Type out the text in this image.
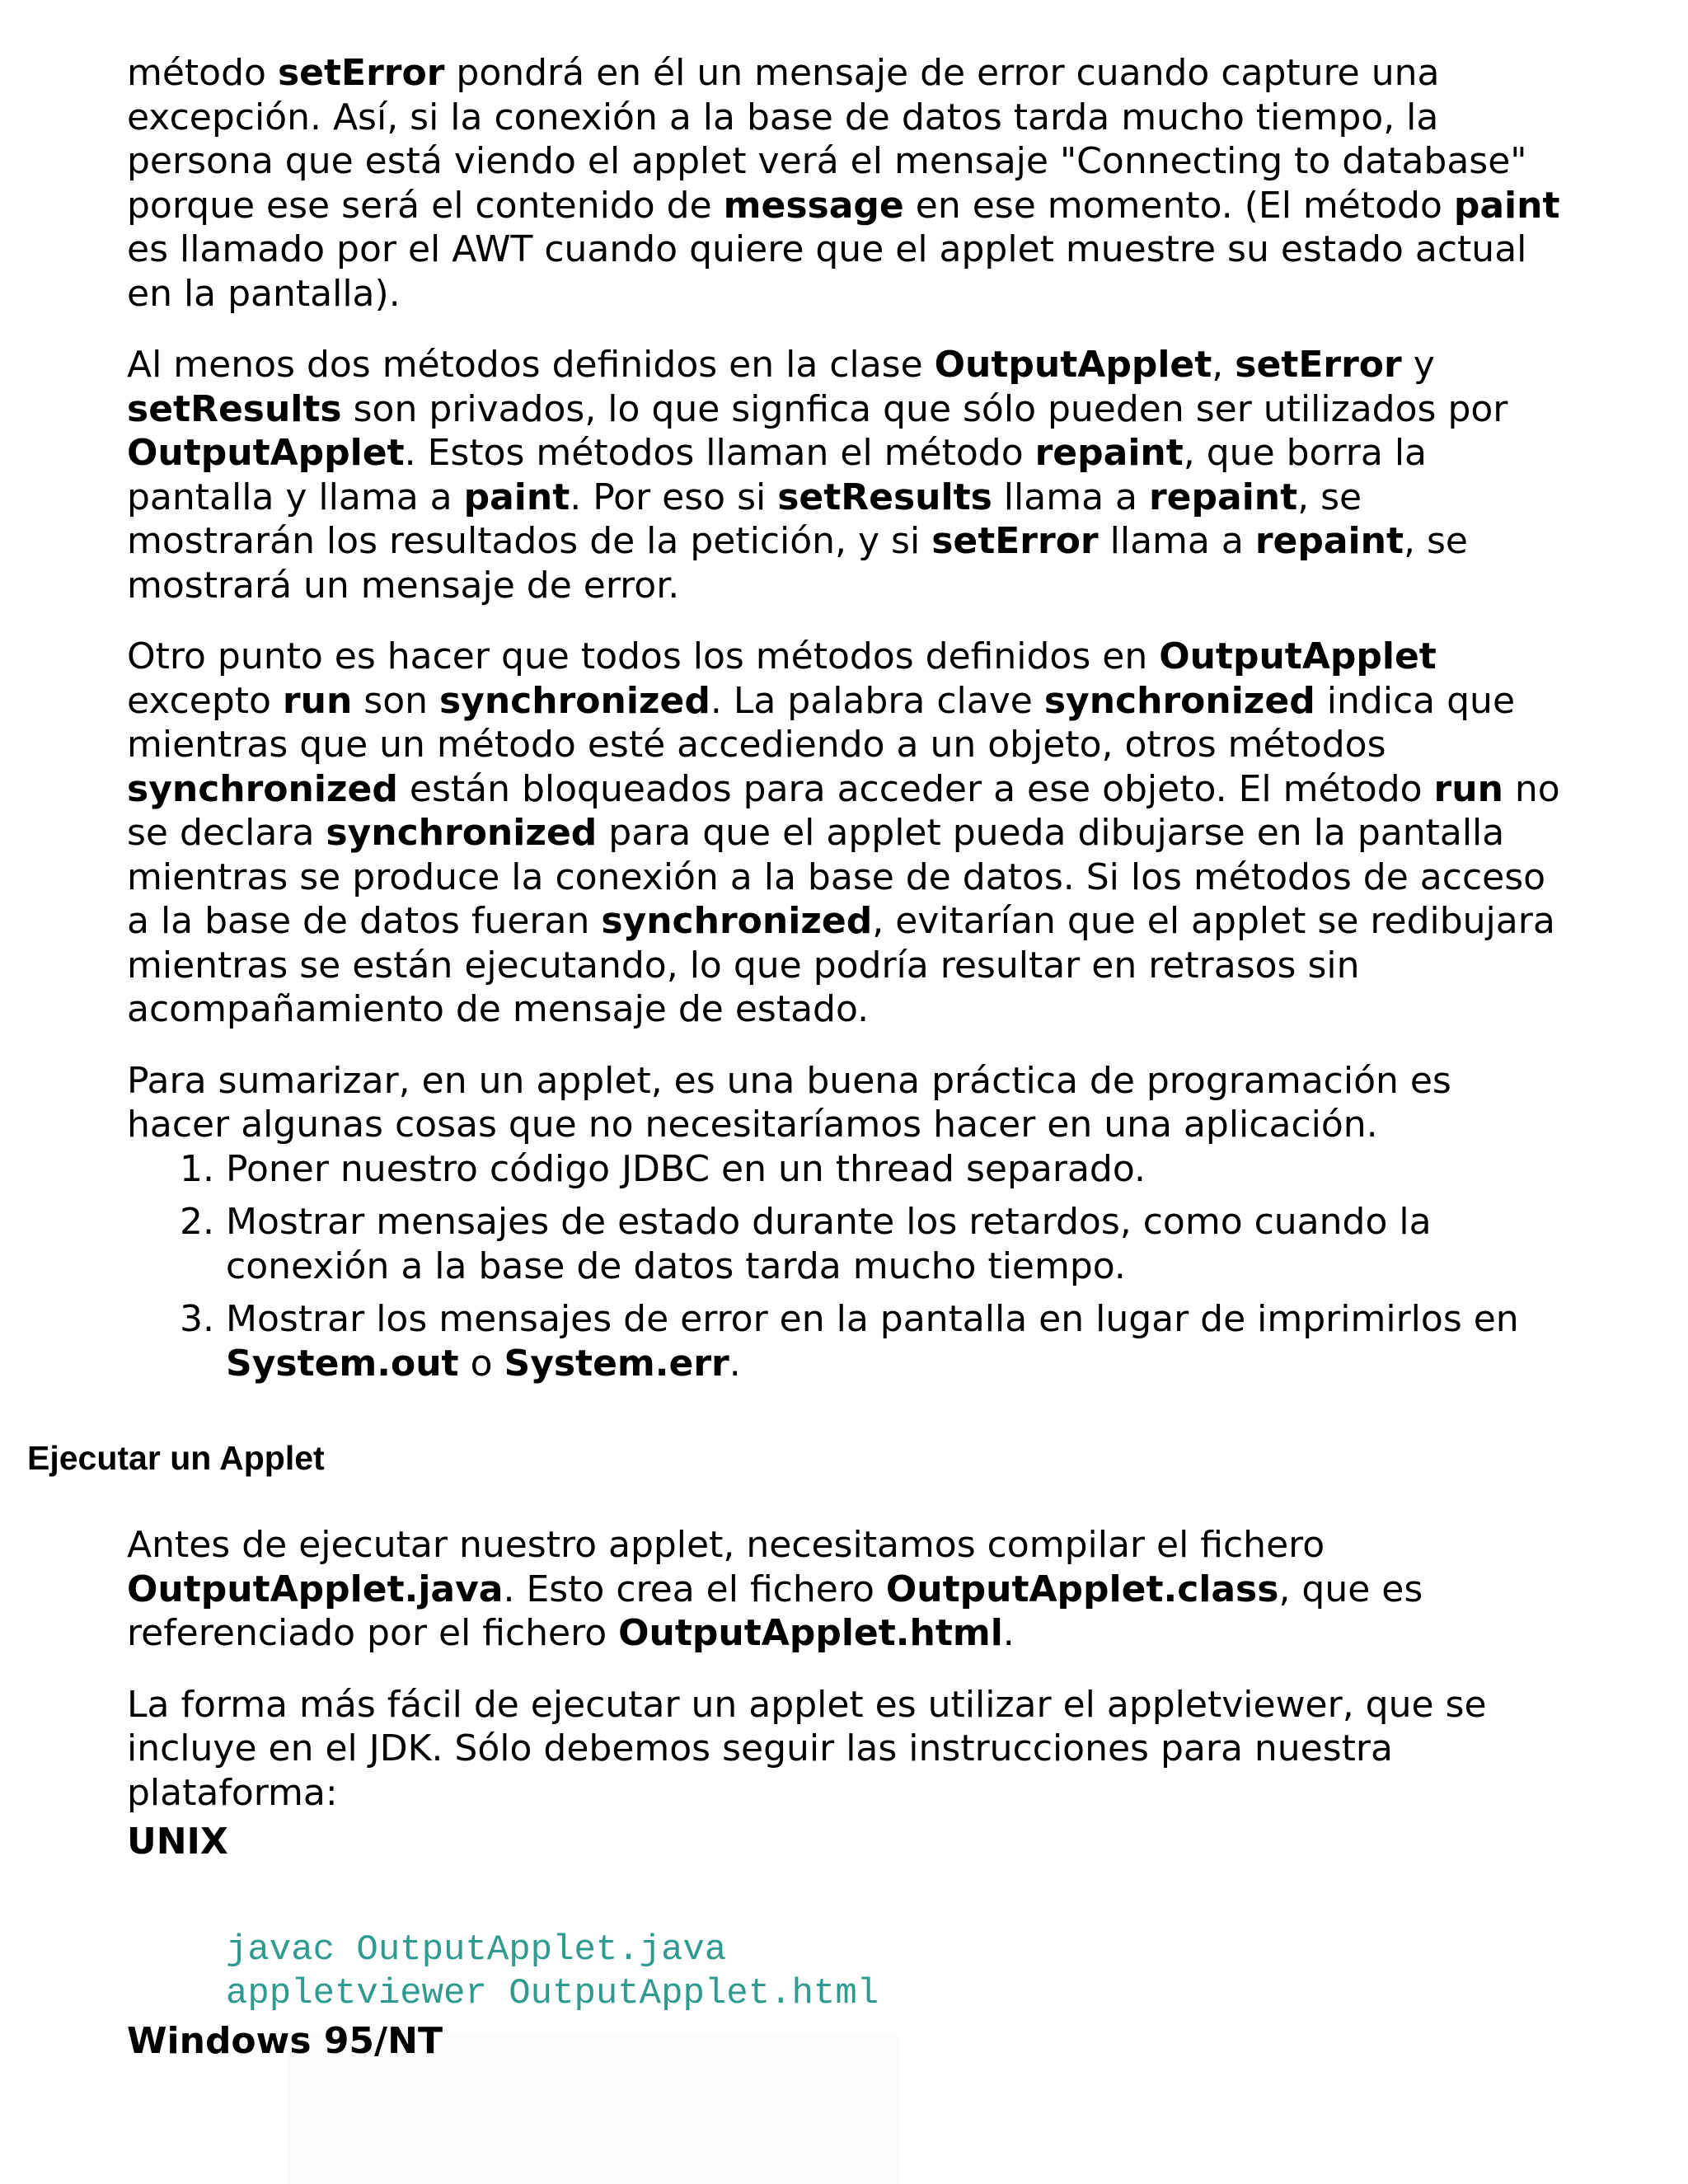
método setError pondrá en él un mensaje de error cuando capture una excepción. Así, si la conexión a la base de datos tarda mucho tiempo, la persona que está viendo el applet verá el mensaje "Connecting to database" porque ese será el contenido de message en ese momento. (El método paint es llamado por el AWT cuando quiere que el applet muestre su estado actual en la pantalla).

Al menos dos métodos definidos en la clase OutputApplet, setError y setResults son privados, lo que signfica que sólo pueden ser utilizados por OutputApplet. Estos métodos llaman el método repaint, que borra la pantalla y llama a paint. Por eso si setResults llama a repaint, se mostrarán los resultados de la petición, y si setError llama a repaint, se mostrará un mensaje de error.

Otro punto es hacer que todos los métodos definidos en OutputApplet excepto run son synchronized. La palabra clave synchronized indica que mientras que un método esté accediendo a un objeto, otros métodos synchronized están bloqueados para acceder a ese objeto. El método run no se declara synchronized para que el applet pueda dibujarse en la pantalla mientras se produce la conexión a la base de datos. Si los métodos de acceso a la base de datos fueran synchronized, evitarían que el applet se redibujara mientras se están ejecutando, lo que podría resultar en retrasos sin acompañamiento de mensaje de estado.

Para sumarizar, en un applet, es una buena práctica de programación es hacer algunas cosas que no necesitaríamos hacer en una aplicación.

1. Poner nuestro código JDBC en un thread separado.
2. Mostrar mensajes de estado durante los retardos, como cuando la conexión a la base de datos tarda mucho tiempo.
3. Mostrar los mensajes de error en la pantalla en lugar de imprimirlos en System.out o System.err.
Ejecutar un Applet

Antes de ejecutar nuestro applet, necesitamos compilar el fichero OutputApplet.java. Esto crea el fichero OutputApplet.class, que es referenciado por el fichero OutputApplet.html.

La forma más fácil de ejecutar un applet es utilizar el appletviewer, que se incluye en el JDK. Sólo debemos seguir las instrucciones para nuestra plataforma:

UNIX
javac OutputApplet.java
appletviewer OutputApplet.html
Windows 95/NT
